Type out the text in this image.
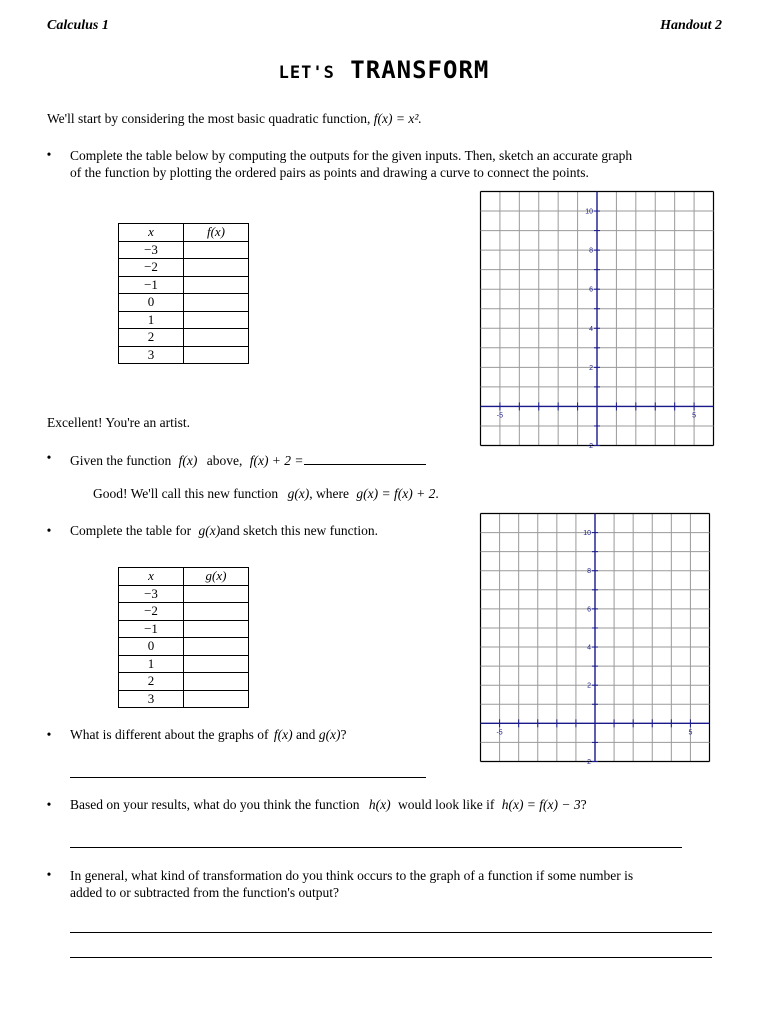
Calculus 1	Handout 2
LET'S TRANSFORM
We'll start by considering the most basic quadratic function, f(x) = x².
• Complete the table below by computing the outputs for the given inputs. Then, sketch an accurate graph
of the function by plotting the ordered pairs as points and drawing a curve to connect the points.
x	f(x)
−3	
−2	
−1	
0	
1	
2	
3	
-5	5
10
8
6
4
2
-2
Excellent! You're an artist.
• Given the function f(x) above, f(x) + 2 =
Good! We'll call this new function g(x), where g(x) = f(x) + 2.
• Complete the table for g(x)and sketch this new function.
x	g(x)
−3	
−2	
−1	
0	
1	
2	
3	
-5	5
10
8
6
4
2
-2
• What is different about the graphs of f(x) and g(x)?
• Based on your results, what do you think the function h(x) would look like if h(x) = f(x) − 3?
• In general, what kind of transformation do you think occurs to the graph of a function if some number is
added to or subtracted from the function's output?
